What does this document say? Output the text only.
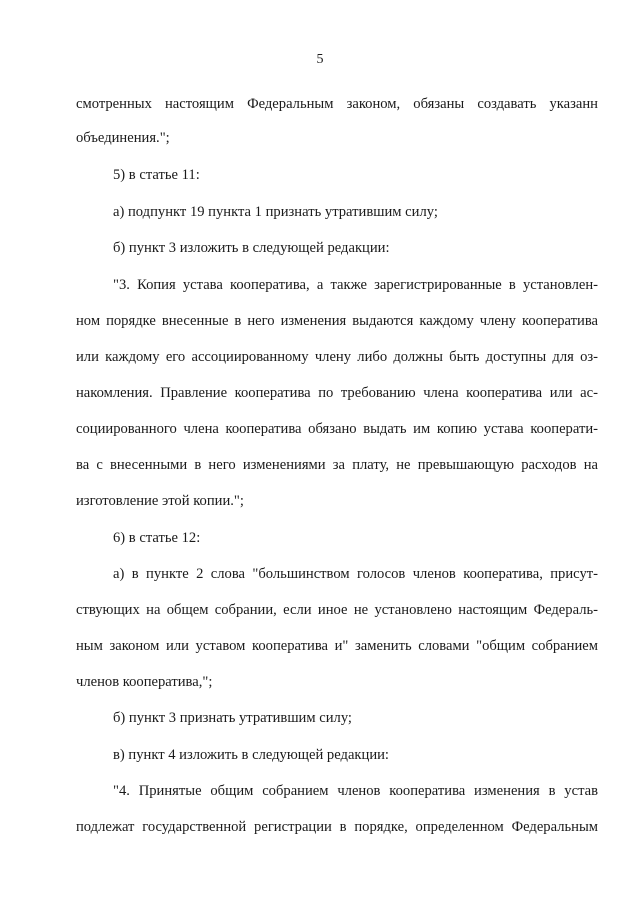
5
смотренных настоящим Федеральным законом, обязаны создавать указанн
объединения.";
5) в статье 11:
а) подпункт 19 пункта 1 признать утратившим силу;
б) пункт 3 изложить в следующей редакции:
"3. Копия устава кооператива, а также зарегистрированные в установлен-
ном порядке внесенные в него изменения выдаются каждому члену кооператива
или каждому его ассоциированному члену либо должны быть доступны для оз-
накомления. Правление кооператива по требованию члена кооператива или ас-
социированного члена кооператива обязано выдать им копию устава кооперати-
ва с внесенными в него изменениями за плату, не превышающую расходов на
изготовление этой копии.";
6) в статье 12:
а) в пункте 2 слова "большинством голосов членов кооператива, присут-
ствующих на общем собрании, если иное не установлено настоящим Федераль-
ным законом или уставом кооператива и" заменить словами "общим собранием
членов кооператива,";
б) пункт 3 признать утратившим силу;
в) пункт 4 изложить в следующей редакции:
"4. Принятые общим собранием членов кооператива изменения в устав
подлежат государственной регистрации в порядке, определенном Федеральным
